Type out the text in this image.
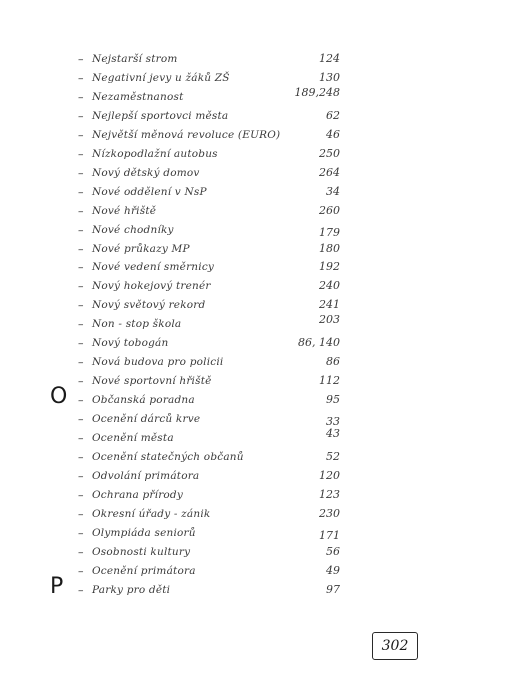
– Nejstarší strom	124
– Negativní jevy u žáků ZŠ	130
– Nezaměstnanost	189,248
– Nejlepší sportovci města	62
– Největší měnová revoluce (EURO)	46
– Nízkopodlažní autobus	250
– Nový dětský domov	264
– Nové oddělení v NsP	34
– Nové hřiště	260
– Nové chodníky	179
– Nové průkazy MP	180
– Nové vedení směrnicy	192
– Nový hokejový trenér	240
– Nový světový rekord	241
– Non - stop škola	203
– Nový tobogán	86, 140
– Nová budova pro policii	86
– Nové sportovní hřiště	112
– Občanská poradna	95
O
– Ocenění dárců krve	33
– Ocenění města	43
– Ocenění statečných občanů	52
– Odvolání primátora	120
– Ochrana přírody	123
– Okresní úřady - zánik	230
– Olympiáda seniorů	171
– Osobnosti kultury	56
– Ocenění primátora	49
– Parky pro děti	97
P
302
